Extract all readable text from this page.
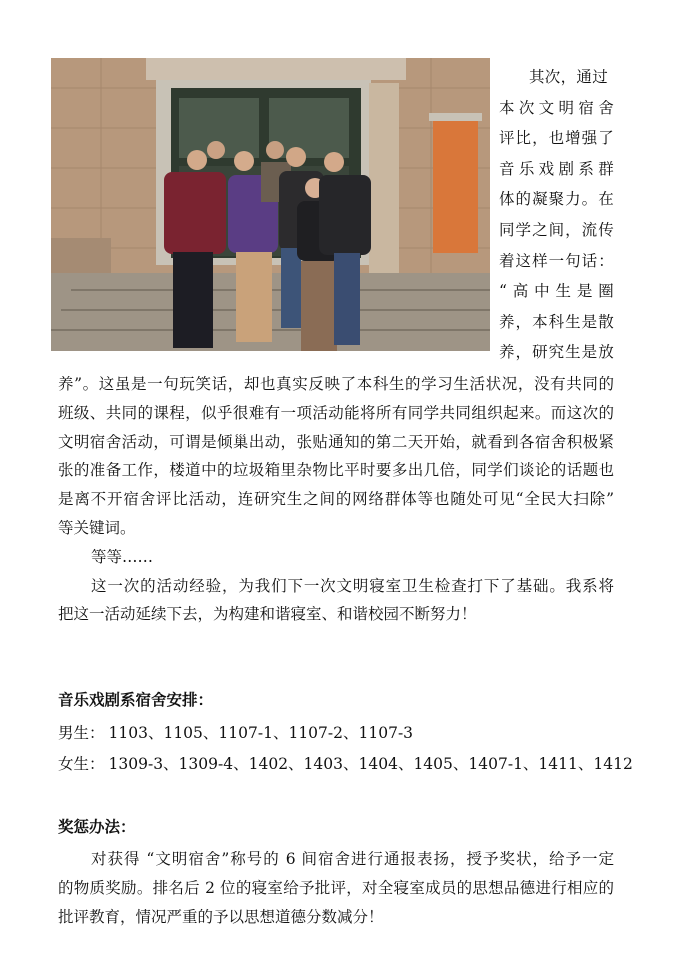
其次，通过
本次文明宿舍
评比，也增强了
音乐戏剧系群
体的凝聚力。在
同学之间，流传
着这样一句话：
“高中生是圈
养，本科生是散
养，研究生是放
养”。这虽是一句玩笑话，却也真实反映了本科生的学习生活状况，没有共同的
班级、共同的课程，似乎很难有一项活动能将所有同学共同组织起来。而这次的
文明宿舍活动，可谓是倾巢出动，张贴通知的第二天开始，就看到各宿舍积极紧
张的准备工作，楼道中的垃圾箱里杂物比平时要多出几倍，同学们谈论的话题也
是离不开宿舍评比活动，连研究生之间的网络群体等也随处可见“全民大扫除”
等关键词。
等等……
这一次的活动经验，为我们下一次文明寝室卫生检查打下了基础。我系将
把这一活动延续下去，为构建和谐寝室、和谐校园不断努力！
音乐戏剧系宿舍安排：
男生： 1103、1105、1107-1、1107-2、1107-3
女生： 1309-3、1309-4、1402、1403、1404、1405、1407-1、1411、1412
奖惩办法：
对获得 “文明宿舍”称号的 6 间宿舍进行通报表扬，授予奖状，给予一定
的物质奖励。排名后 2 位的寝室给予批评，对全寝室成员的思想品德进行相应的
批评教育，情况严重的予以思想道德分数减分！
